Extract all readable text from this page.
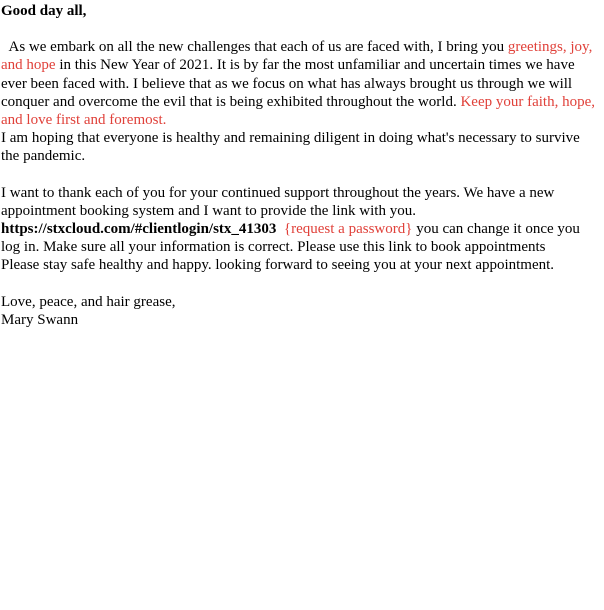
Good day all,

As we embark on all the new challenges that each of us are faced with, I bring you greetings, joy, and hope in this New Year of 2021. It is by far the most unfamiliar and uncertain times we have ever been faced with. I believe that as we focus on what has always brought us through we will conquer and overcome the evil that is being exhibited throughout the world. Keep your faith, hope, and love first and foremost.

I am hoping that everyone is healthy and remaining diligent in doing what's necessary to survive the pandemic.

I want to thank each of you for your continued support throughout the years. We have a new appointment booking system and I want to provide the link with you.

https://stxcloud.com/#clientlogin/stx_41303 {request a password} you can change it once you log in. Make sure all your information is correct. Please use this link to book appointments

Please stay safe healthy and happy. looking forward to seeing you at your next appointment.

Love, peace, and hair grease,

Mary Swann
